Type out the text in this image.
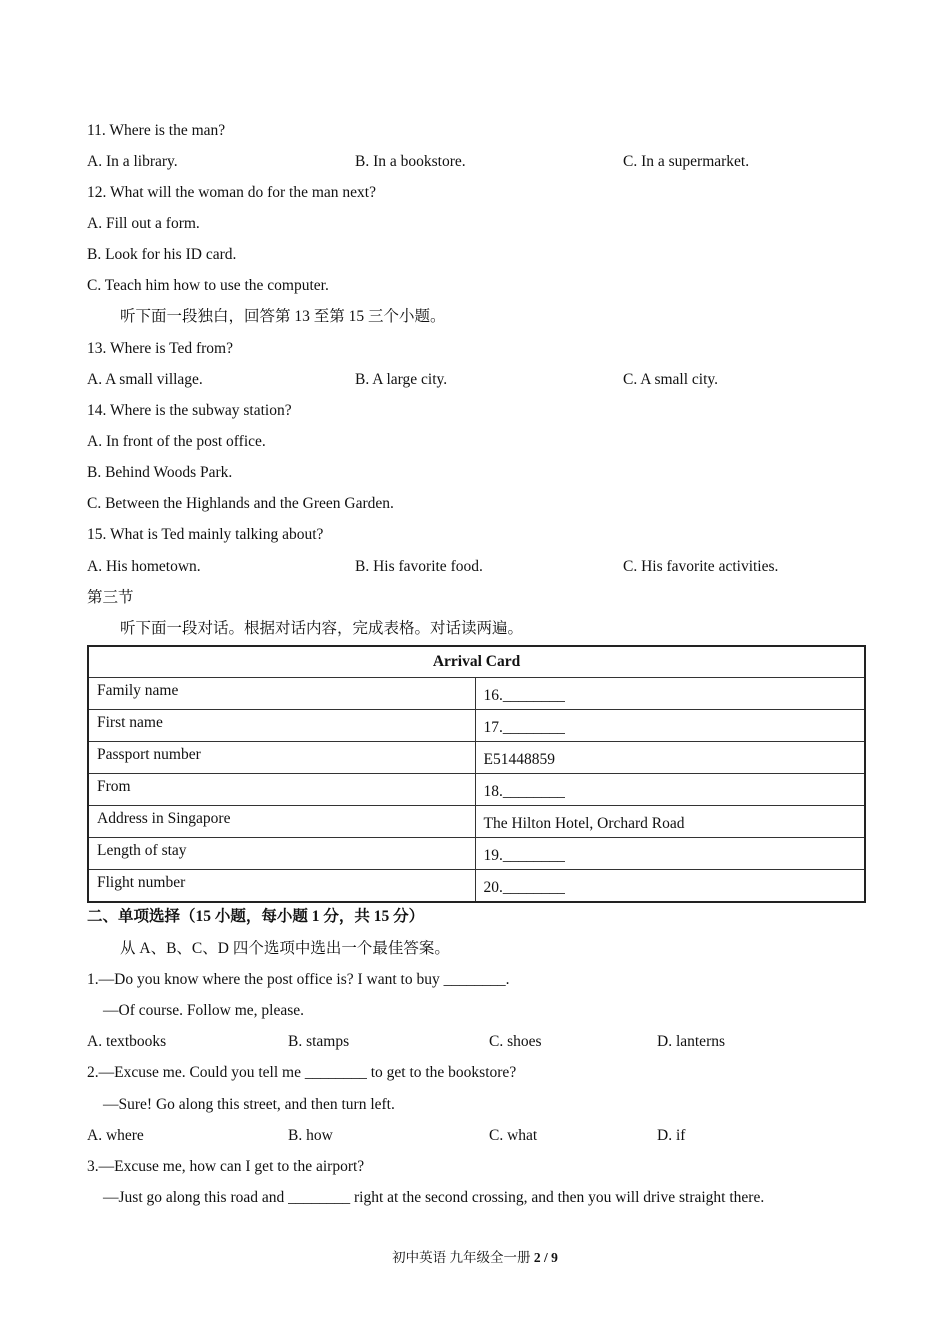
11. Where is the man?
A. In a library.	B. In a bookstore.	C. In a supermarket.
12. What will the woman do for the man next?
A. Fill out a form.
B. Look for his ID card.
C. Teach him how to use the computer.
听下面一段独白，回答第 13 至第 15 三个小题。
13. Where is Ted from?
A. A small village.	B. A large city.	C. A small city.
14. Where is the subway station?
A. In front of the post office.
B. Behind Woods Park.
C. Between the Highlands and the Green Garden.
15. What is Ted mainly talking about?
A. His hometown.	B. His favorite food.	C. His favorite activities.
第三节
听下面一段对话。根据对话内容，完成表格。对话读两遍。
Arrival Card	
Family name	16.________
First name	17.________
Passport number	E51448859
From	18.________
Address in Singapore	The Hilton Hotel, Orchard Road
Length of stay	19.________
Flight number	20.________
二、单项选择（15 小题，每小题 1 分，共 15 分）
从 A、B、C、D 四个选项中选出一个最佳答案。
1.—Do you know where the post office is? I want to buy ________.
—Of course. Follow me, please.
A. textbooks	B. stamps	C. shoes	D. lanterns
2.—Excuse me. Could you tell me ________ to get to the bookstore?
—Sure! Go along this street, and then turn left.
A. where	B. how	C. what	D. if
3.—Excuse me, how can I get to the airport?
—Just go along this road and ________ right at the second crossing, and then you will drive straight there.
初中英语 九年级全一册 2 / 9
